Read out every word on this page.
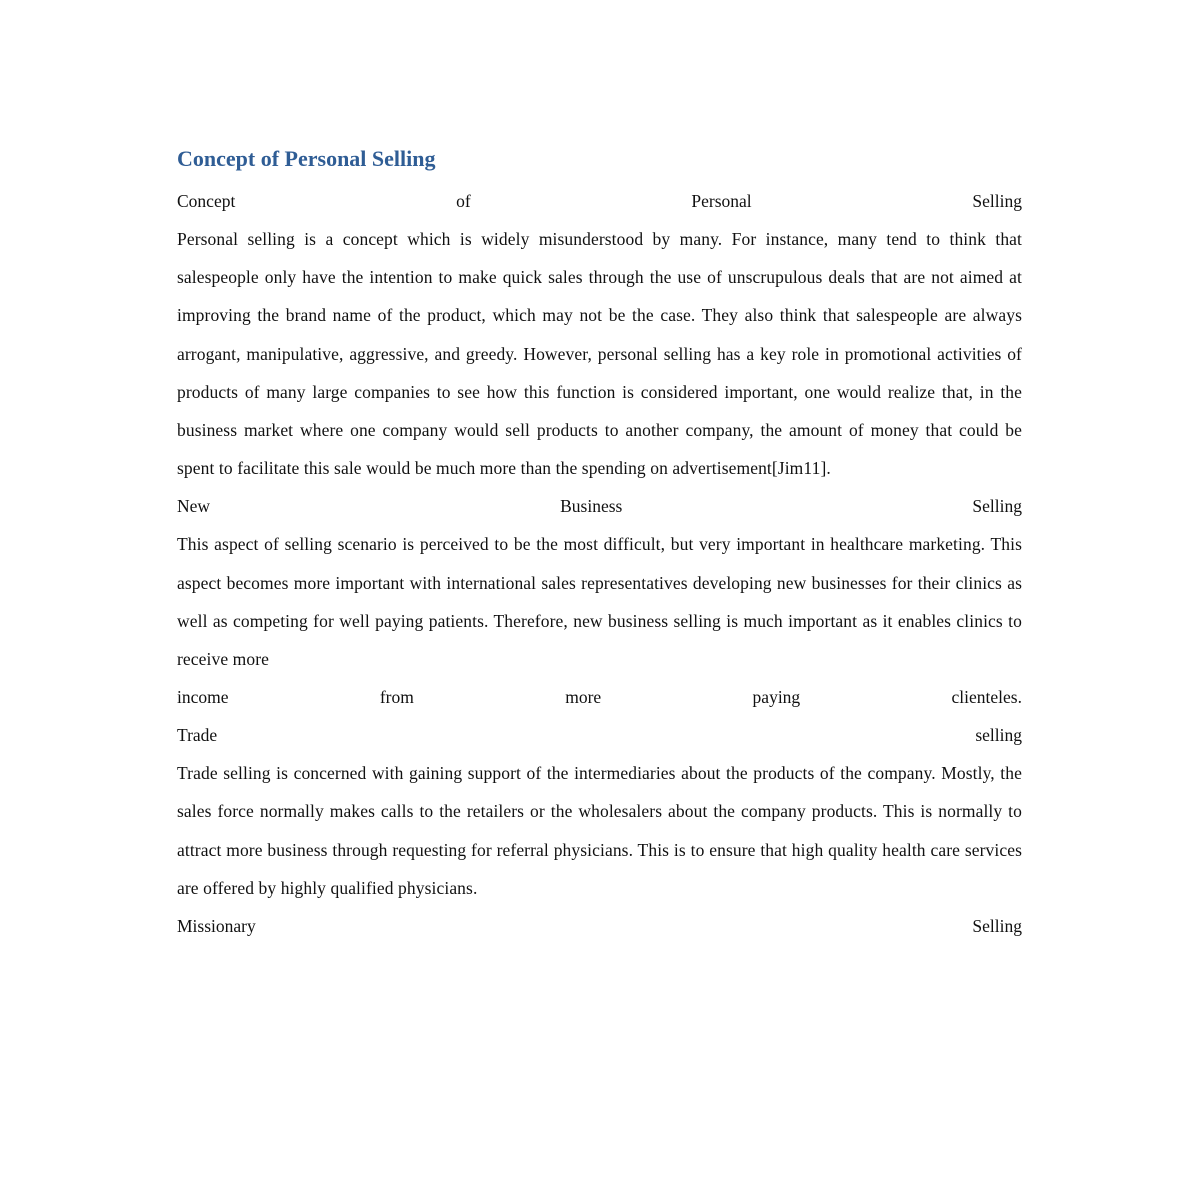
Concept of Personal Selling
Concept	of	Personal	Selling

Personal selling is a concept which is widely misunderstood by many. For instance, many tend to think that salespeople only have the intention to make quick sales through the use of unscrupulous deals that are not aimed at improving the brand name of the product, which may not be the case. They also think that salespeople are always arrogant, manipulative, aggressive, and greedy. However, personal selling has a key role in promotional activities of products of many large companies to see how this function is considered important, one would realize that, in the business market where one company would sell products to another company, the amount of money that could be spent to facilitate this sale would be much more than the spending on advertisement[Jim11].

New	Business	Selling

This aspect of selling scenario is perceived to be the most difficult, but very important in healthcare marketing. This aspect becomes more important with international sales representatives developing new businesses for their clinics as well as competing for well paying patients. Therefore, new business selling is much important as it enables clinics to receive more

income	from	more	paying	clienteles.
Trade	selling

Trade selling is concerned with gaining support of the intermediaries about the products of the company. Mostly, the sales force normally makes calls to the retailers or the wholesalers about the company products. This is normally to attract more business through requesting for referral physicians. This is to ensure that high quality health care services are offered by highly qualified physicians.

Missionary	Selling
